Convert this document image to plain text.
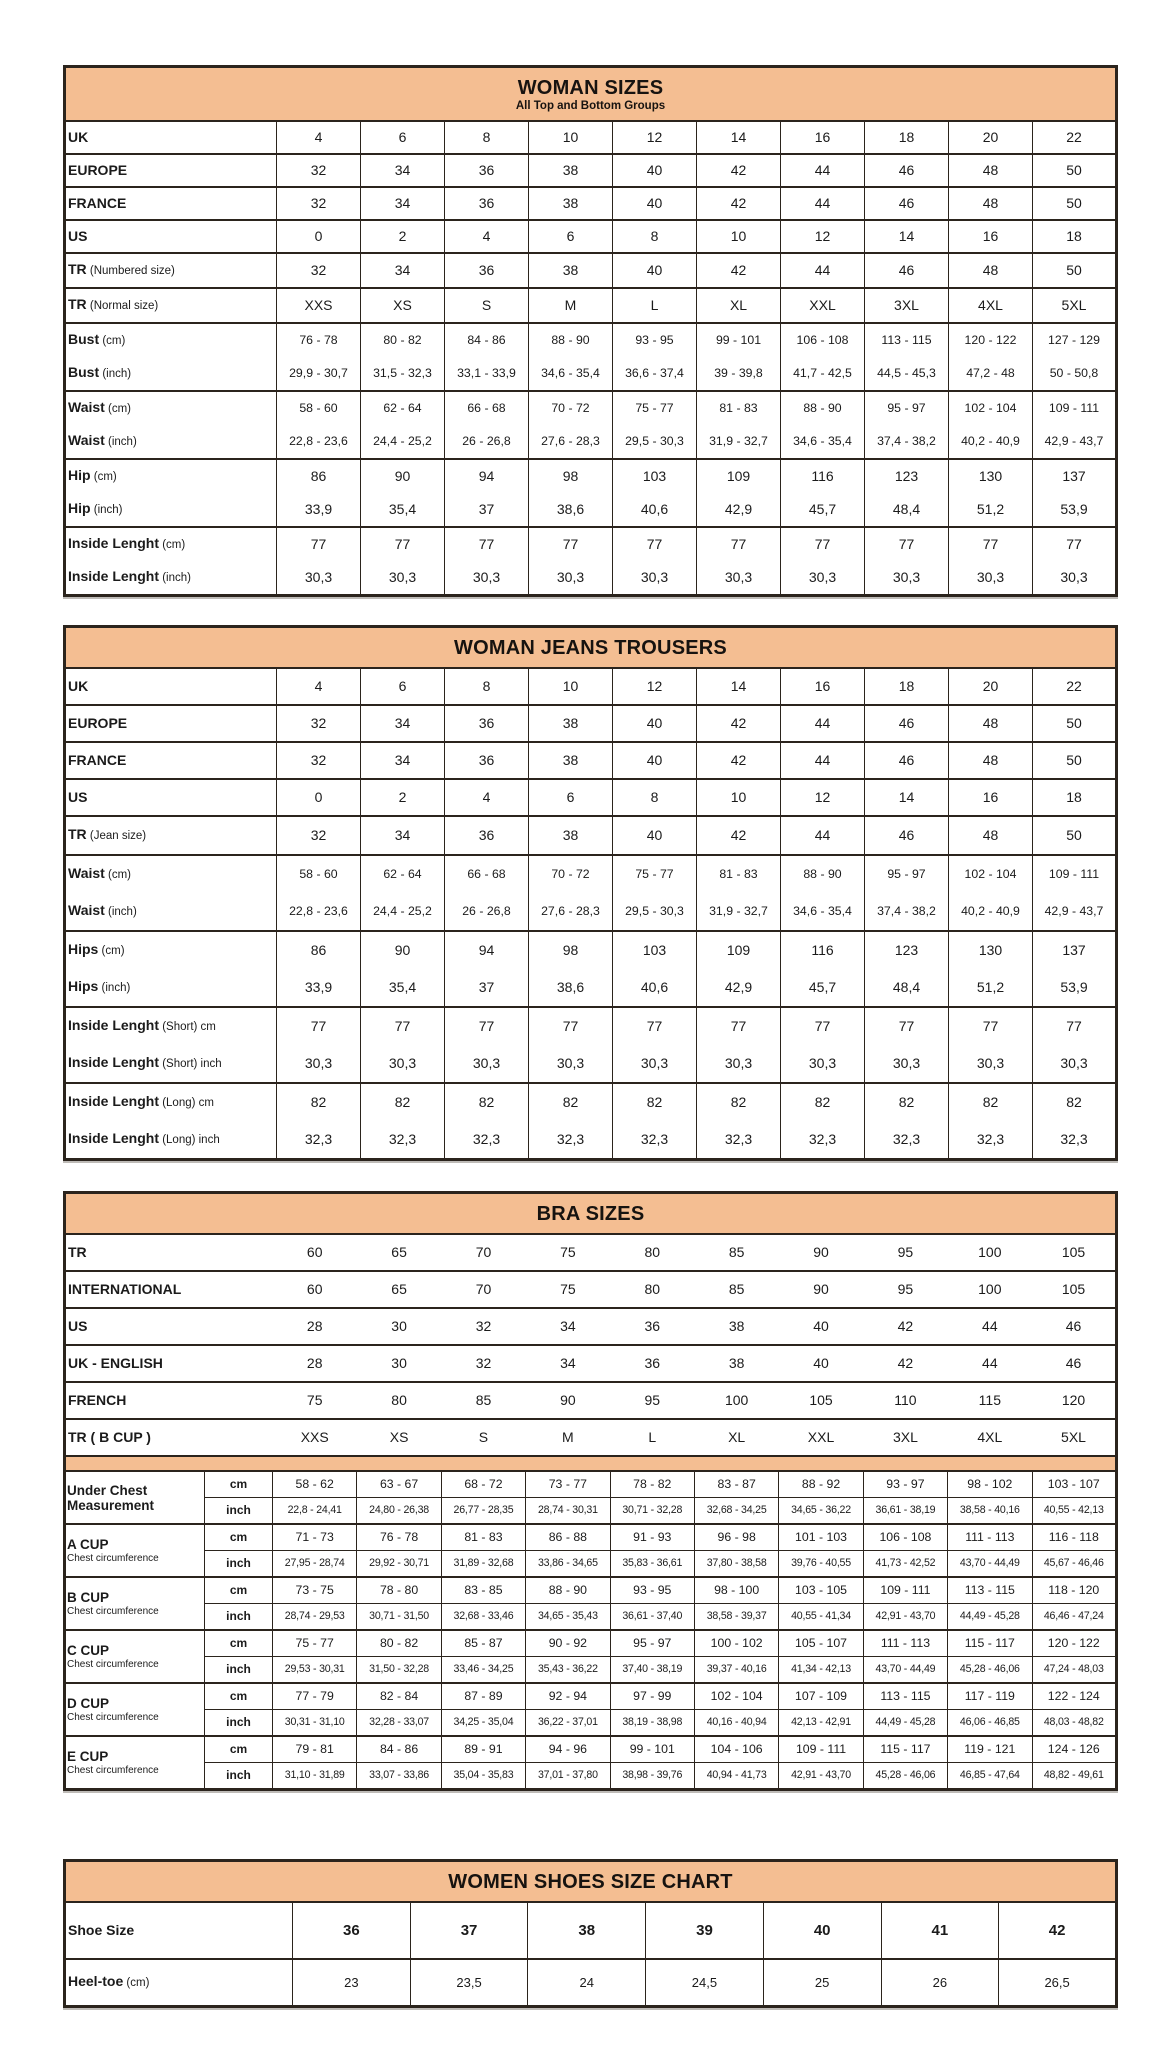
WOMAN SIZES
All Top and Bottom Groups										

UK	4	6	8	10	12	14	16	18	20	22
EUROPE	32	34	36	38	40	42	44	46	48	50
FRANCE	32	34	36	38	40	42	44	46	48	50
US	0	2	4	6	8	10	12	14	16	18
TR (Numbered size)	32	34	36	38	40	42	44	46	48	50
TR (Normal size)	XXS	XS	S	M	L	XL	XXL	3XL	4XL	5XL
Bust (cm)	76 - 78	80 - 82	84 - 86	88 - 90	93 - 95	99 - 101	106 - 108	113 - 115	120 - 122	127 - 129
Bust (inch)	29,9 - 30,7	31,5 - 32,3	33,1 - 33,9	34,6 - 35,4	36,6 - 37,4	39 - 39,8	41,7 - 42,5	44,5 - 45,3	47,2 - 48	50 - 50,8
Waist (cm)	58 - 60	62 - 64	66 - 68	70 - 72	75 - 77	81 - 83	88 - 90	95 - 97	102 - 104	109 - 111
Waist (inch)	22,8 - 23,6	24,4 - 25,2	26 - 26,8	27,6 - 28,3	29,5 - 30,3	31,9 - 32,7	34,6 - 35,4	37,4 - 38,2	40,2 - 40,9	42,9 - 43,7
Hip (cm)	86	90	94	98	103	109	116	123	130	137
Hip (inch)	33,9	35,4	37	38,6	40,6	42,9	45,7	48,4	51,2	53,9
Inside Lenght (cm)	77	77	77	77	77	77	77	77	77	77
Inside Lenght (inch)	30,3	30,3	30,3	30,3	30,3	30,3	30,3	30,3	30,3	30,3
WOMAN JEANS TROUSERS										

UK	4	6	8	10	12	14	16	18	20	22
EUROPE	32	34	36	38	40	42	44	46	48	50
FRANCE	32	34	36	38	40	42	44	46	48	50
US	0	2	4	6	8	10	12	14	16	18
TR (Jean size)	32	34	36	38	40	42	44	46	48	50
Waist (cm)	58 - 60	62 - 64	66 - 68	70 - 72	75 - 77	81 - 83	88 - 90	95 - 97	102 - 104	109 - 111
Waist (inch)	22,8 - 23,6	24,4 - 25,2	26 - 26,8	27,6 - 28,3	29,5 - 30,3	31,9 - 32,7	34,6 - 35,4	37,4 - 38,2	40,2 - 40,9	42,9 - 43,7
Hips (cm)	86	90	94	98	103	109	116	123	130	137
Hips (inch)	33,9	35,4	37	38,6	40,6	42,9	45,7	48,4	51,2	53,9
Inside Lenght (Short) cm	77	77	77	77	77	77	77	77	77	77
Inside Lenght (Short) inch	30,3	30,3	30,3	30,3	30,3	30,3	30,3	30,3	30,3	30,3
Inside Lenght (Long) cm	82	82	82	82	82	82	82	82	82	82
Inside Lenght (Long) inch	32,3	32,3	32,3	32,3	32,3	32,3	32,3	32,3	32,3	32,3
BRA SIZES											

TR		60	65	70	75	80	85	90	95	100	105
INTERNATIONAL		60	65	70	75	80	85	90	95	100	105
US		28	30	32	34	36	38	40	42	44	46
UK - ENGLISH		28	30	32	34	36	38	40	42	44	46
FRENCH		75	80	85	90	95	100	105	110	115	120
TR ( B CUP )		XXS	XS	S	M	L	XL	XXL	3XL	4XL	5XL

Under Chest Measurement	cm	58 - 62	63 - 67	68 - 72	73 - 77	78 - 82	83 - 87	88 - 92	93 - 97	98 - 102	103 - 107
	inch	22,8 - 24,41	24,80 - 26,38	26,77 - 28,35	28,74 - 30,31	30,71 - 32,28	32,68 - 34,25	34,65 - 36,22	36,61 - 38,19	38,58 - 40,16	40,55 - 42,13

A CUP
Chest circumference	cm	71 - 73	76 - 78	81 - 83	86 - 88	91 - 93	96 - 98	101 - 103	106 - 108	111 - 113	116 - 118
	inch	27,95 - 28,74	29,92 - 30,71	31,89 - 32,68	33,86 - 34,65	35,83 - 36,61	37,80 - 38,58	39,76 - 40,55	41,73 - 42,52	43,70 - 44,49	45,67 - 46,46

B CUP
Chest circumference	cm	73 - 75	78 - 80	83 - 85	88 - 90	93 - 95	98 - 100	103 - 105	109 - 111	113 - 115	118 - 120
	inch	28,74 - 29,53	30,71 - 31,50	32,68 - 33,46	34,65 - 35,43	36,61 - 37,40	38,58 - 39,37	40,55 - 41,34	42,91 - 43,70	44,49 - 45,28	46,46 - 47,24

C CUP
Chest circumference	cm	75 - 77	80 - 82	85 - 87	90 - 92	95 - 97	100 - 102	105 - 107	111 - 113	115 - 117	120 - 122
	inch	29,53 - 30,31	31,50 - 32,28	33,46 - 34,25	35,43 - 36,22	37,40 - 38,19	39,37 - 40,16	41,34 - 42,13	43,70 - 44,49	45,28 - 46,06	47,24 - 48,03

D CUP
Chest circumference	cm	77 - 79	82 - 84	87 - 89	92 - 94	97 - 99	102 - 104	107 - 109	113 - 115	117 - 119	122 - 124
	inch	30,31 - 31,10	32,28 - 33,07	34,25 - 35,04	36,22 - 37,01	38,19 - 38,98	40,16 - 40,94	42,13 - 42,91	44,49 - 45,28	46,06 - 46,85	48,03 - 48,82

E CUP
Chest circumference	cm	79 - 81	84 - 86	89 - 91	94 - 96	99 - 101	104 - 106	109 - 111	115 - 117	119 - 121	124 - 126
	inch	31,10 - 31,89	33,07 - 33,86	35,04 - 35,83	37,01 - 37,80	38,98 - 39,76	40,94 - 41,73	42,91 - 43,70	45,28 - 46,06	46,85 - 47,64	48,82 - 49,61
WOMEN SHOES SIZE CHART							

Shoe Size	36	37	38	39	40	41	42
Heel-toe (cm)	23	23,5	24	24,5	25	26	26,5
